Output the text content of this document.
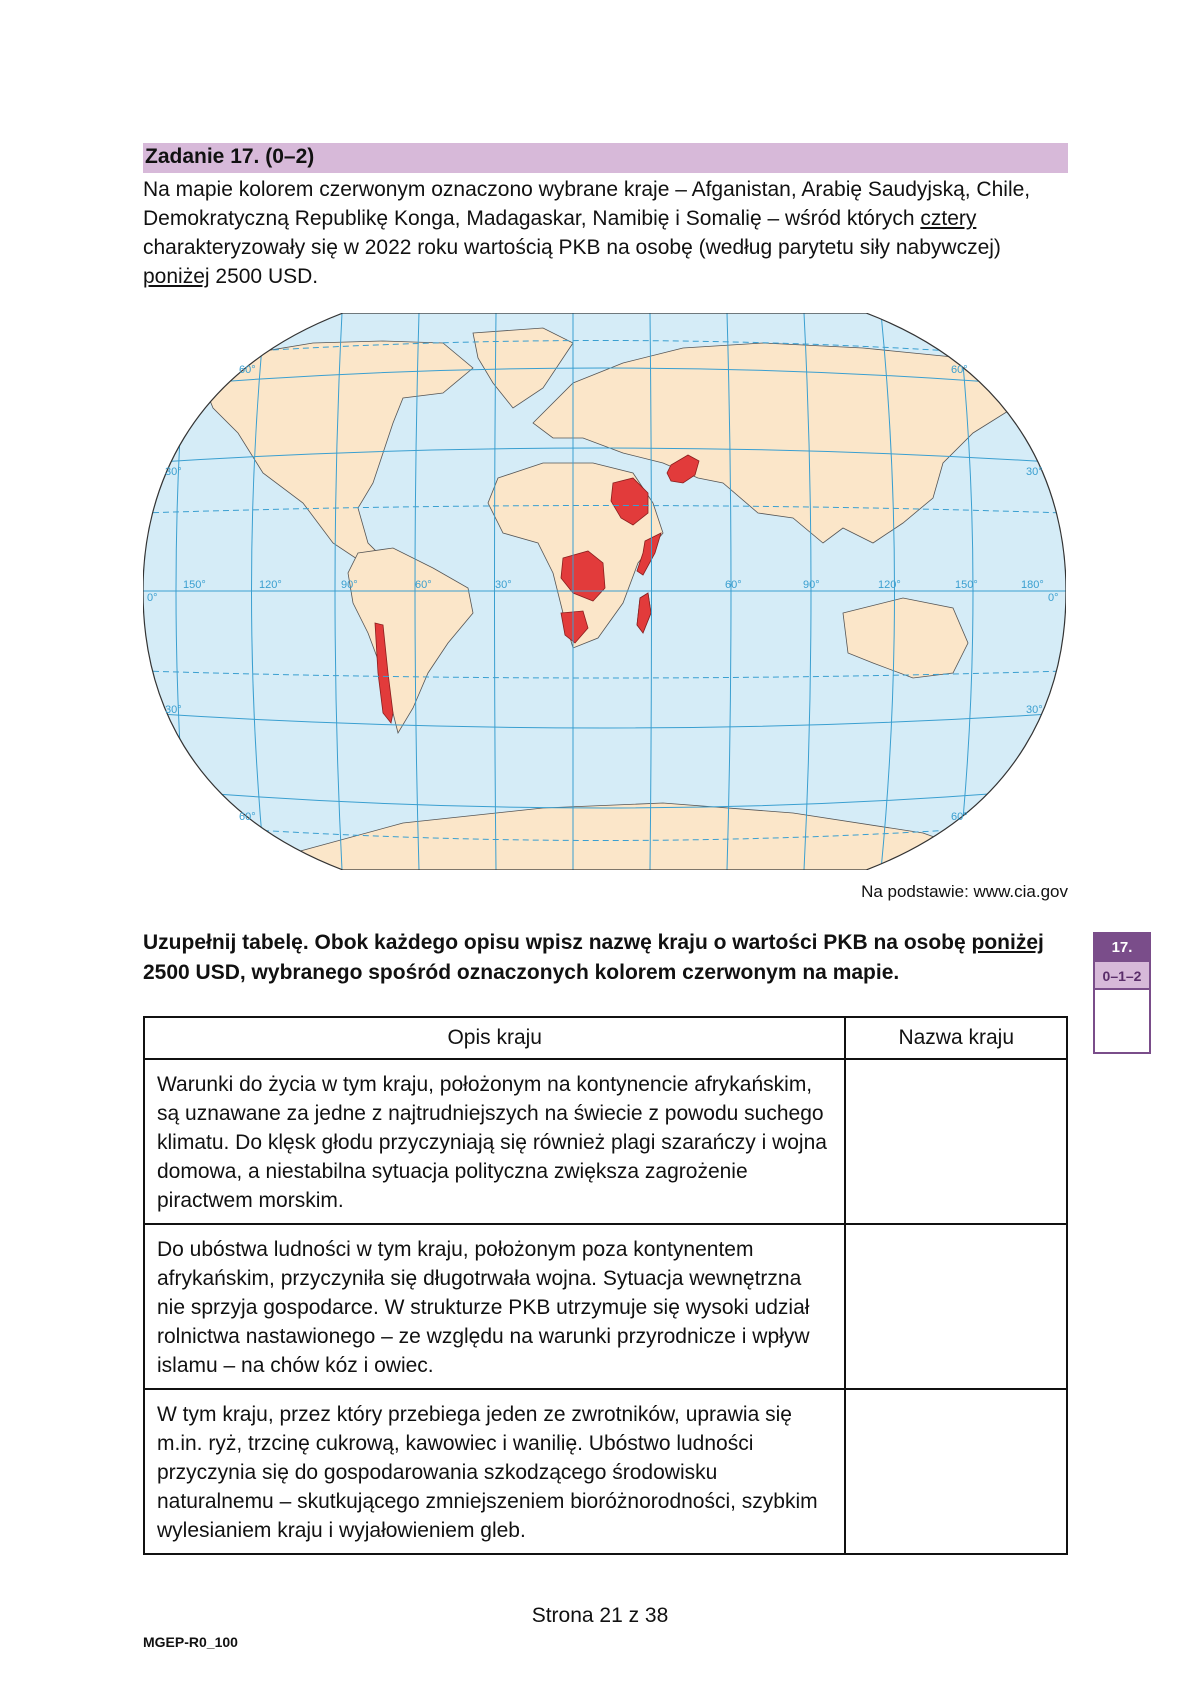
Zadanie 17. (0–2)
Na mapie kolorem czerwonym oznaczono wybrane kraje – Afganistan, Arabię Saudyjską, Chile, Demokratyczną Republikę Konga, Madagaskar, Namibię i Somalię – wśród których cztery charakteryzowały się w 2022 roku wartością PKB na osobę (według parytetu siły nabywczej) poniżej 2500 USD.
60°	60°
30°	30°
0°	0°
30°	30°
60°	60°
150°	120°	90°	60°	30°	60°	90°	120°	150°	180°
Na podstawie: www.cia.gov
Uzupełnij tabelę. Obok każdego opisu wpisz nazwę kraju o wartości PKB na osobę poniżej 2500 USD, wybranego spośród oznaczonych kolorem czerwonym na mapie.
17.
0–1–2
Opis kraju	Nazwa kraju
Warunki do życia w tym kraju, położonym na kontynencie afrykańskim, są uznawane za jedne z najtrudniejszych na świecie z powodu suchego klimatu. Do klęsk głodu przyczyniają się również plagi szarańczy i wojna domowa, a niestabilna sytuacja polityczna zwiększa zagrożenie piractwem morskim.	
Do ubóstwa ludności w tym kraju, położonym poza kontynentem afrykańskim, przyczyniła się długotrwała wojna. Sytuacja wewnętrzna nie sprzyja gospodarce. W strukturze PKB utrzymuje się wysoki udział rolnictwa nastawionego – ze względu na warunki przyrodnicze i wpływ islamu – na chów kóz i owiec.	
W tym kraju, przez który przebiega jeden ze zwrotników, uprawia się m.in. ryż, trzcinę cukrową, kawowiec i wanilię. Ubóstwo ludności przyczynia się do gospodarowania szkodzącego środowisku naturalnemu – skutkującego zmniejszeniem bioróżnorodności, szybkim wylesianiem kraju i wyjałowieniem gleb.	
Strona 21 z 38
MGEP-R0_100
